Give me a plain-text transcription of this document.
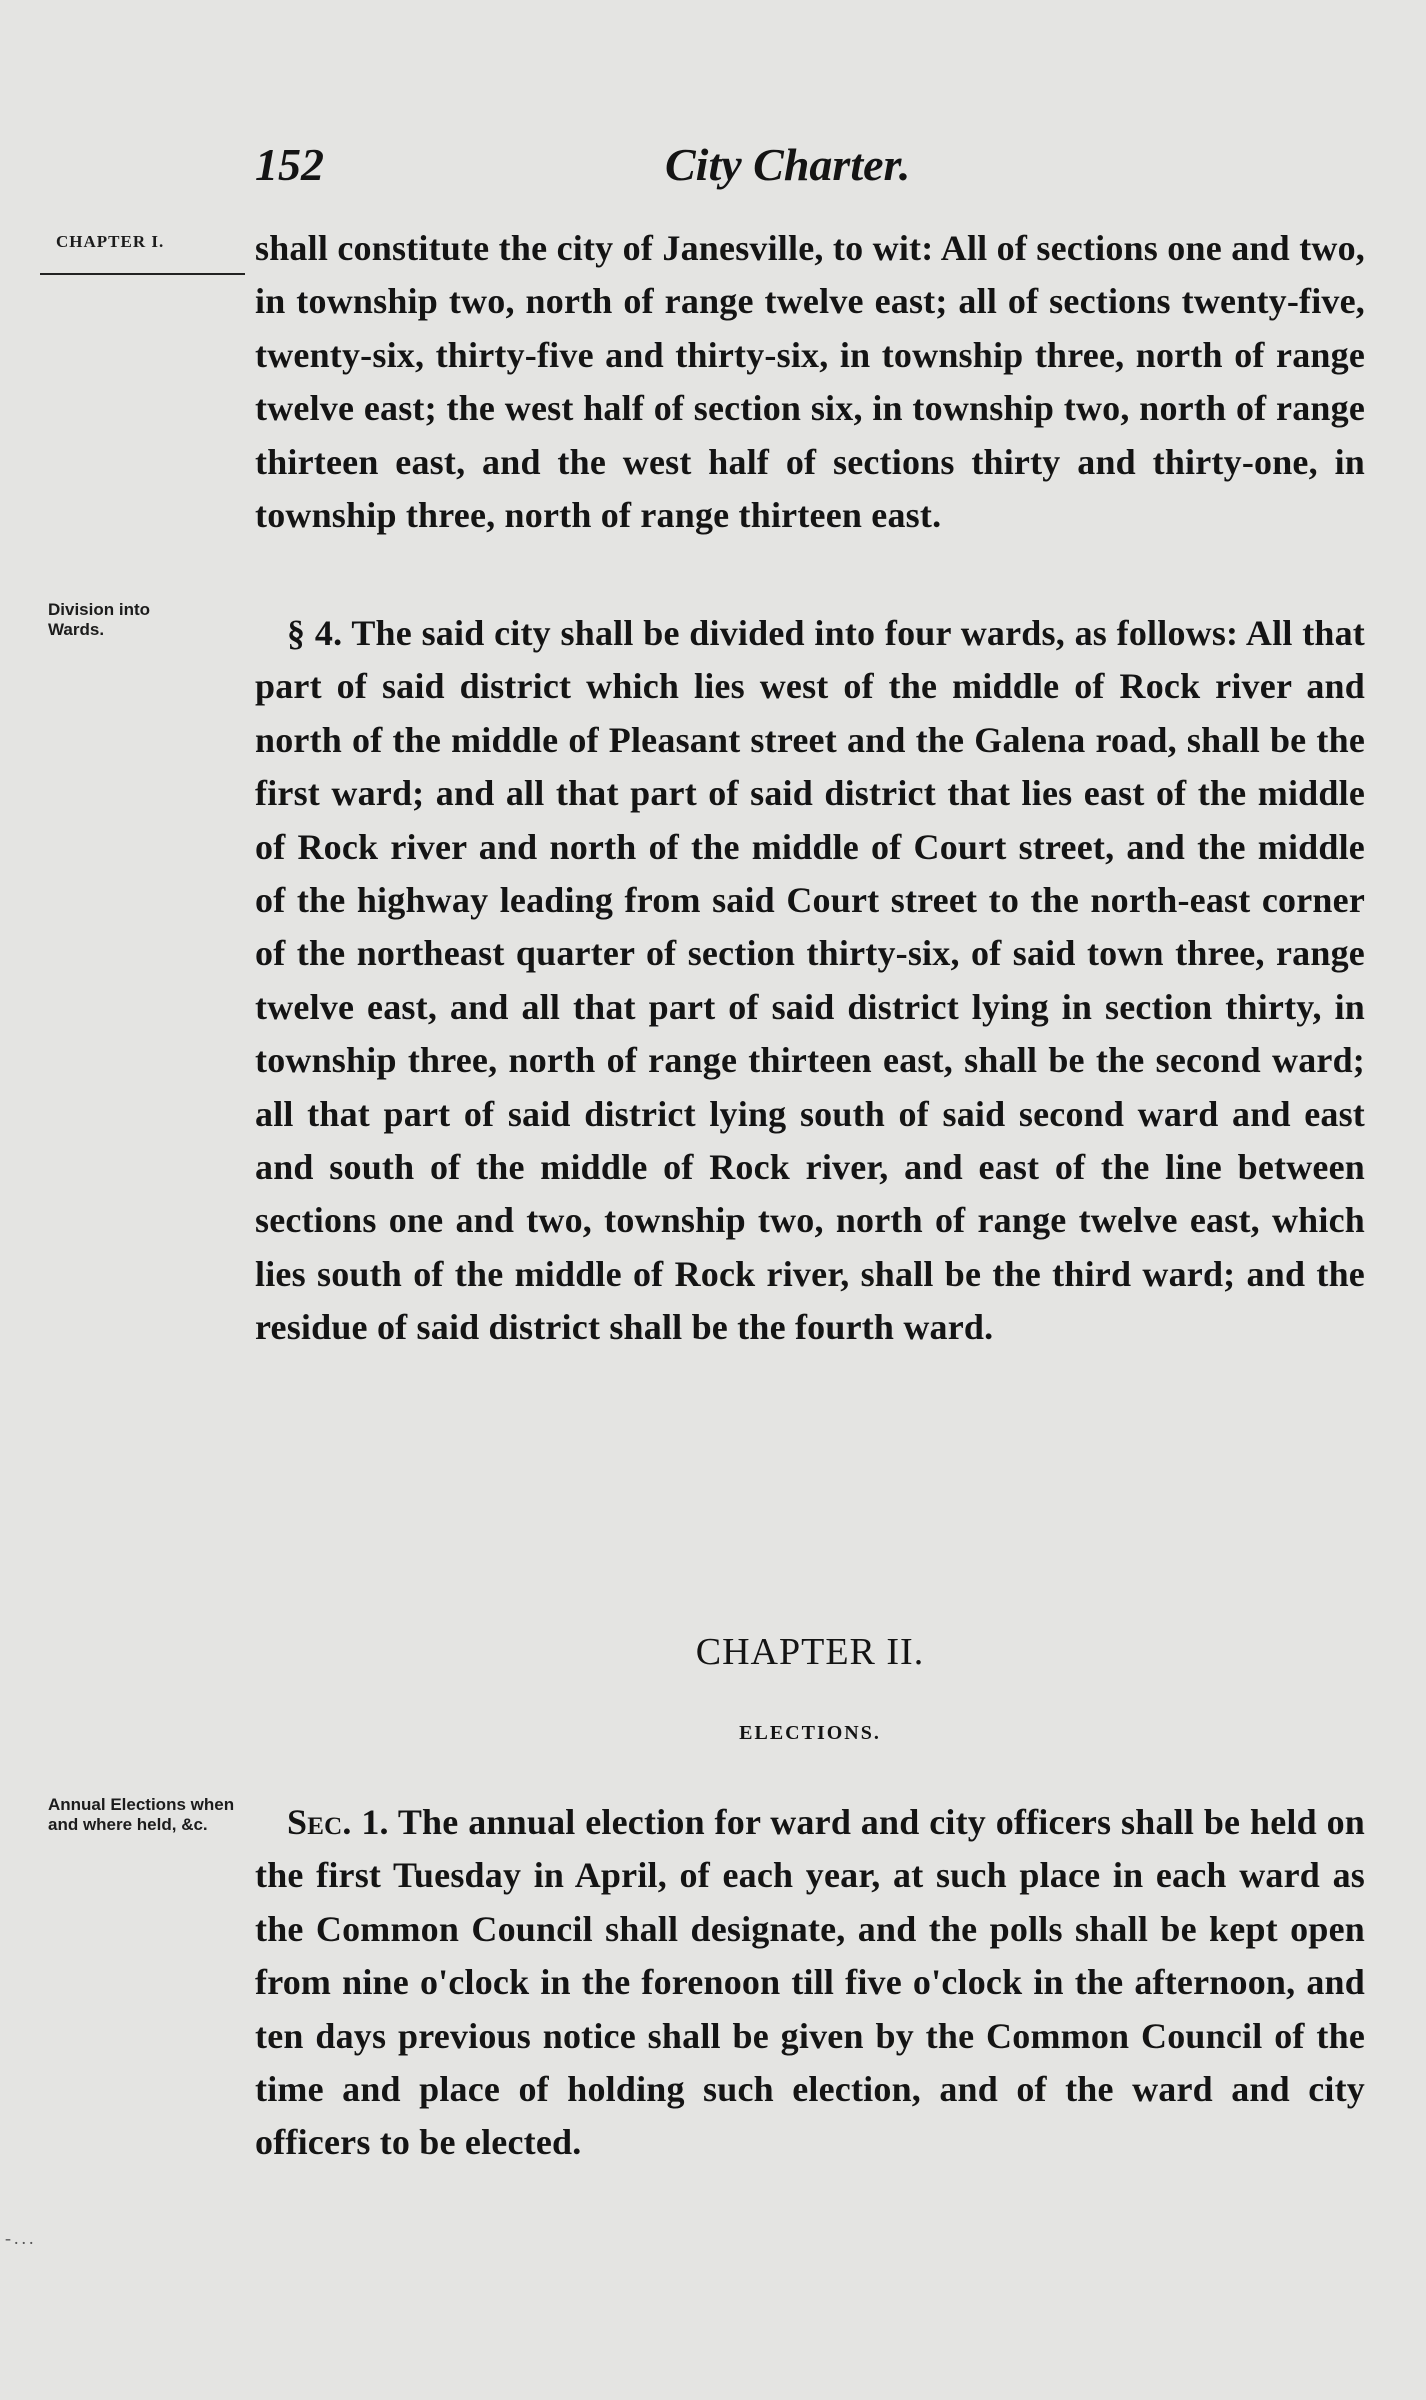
152	City Charter.
CHAPTER I.
Division into Wards.
Annual Elections when and where held, &c.

shall constitute the city of Janesville, to wit: All of sections one and two, in township two, north of range twelve east; all of sections twenty-five, twenty-six, thirty-five and thirty-six, in township three, north of range twelve east; the west half of section six, in township two, north of range thirteen east, and the west half of sections thirty and thirty-one, in township three, north of range thirteen east.

§ 4. The said city shall be divided into four wards, as follows: All that part of said district which lies west of the middle of Rock river and north of the middle of Pleasant street and the Galena road, shall be the first ward; and all that part of said district that lies east of the middle of Rock river and north of the middle of Court street, and the middle of the highway leading from said Court street to the north-east corner of the northeast quarter of section thirty-six, of said town three, range twelve east, and all that part of said district lying in section thirty, in township three, north of range thirteen east, shall be the second ward; all that part of said district lying south of said second ward and east and south of the middle of Rock river, and east of the line between sections one and two, township two, north of range twelve east, which lies south of the middle of Rock river, shall be the third ward; and the residue of said district shall be the fourth ward.

CHAPTER II.
ELECTIONS.

Sec. 1. The annual election for ward and city officers shall be held on the first Tuesday in April, of each year, at such place in each ward as the Common Council shall designate, and the polls shall be kept open from nine o'clock in the forenoon till five o'clock in the afternoon, and ten days previous notice shall be given by the Common Council of the time and place of holding such election, and of the ward and city officers to be elected.

-...
